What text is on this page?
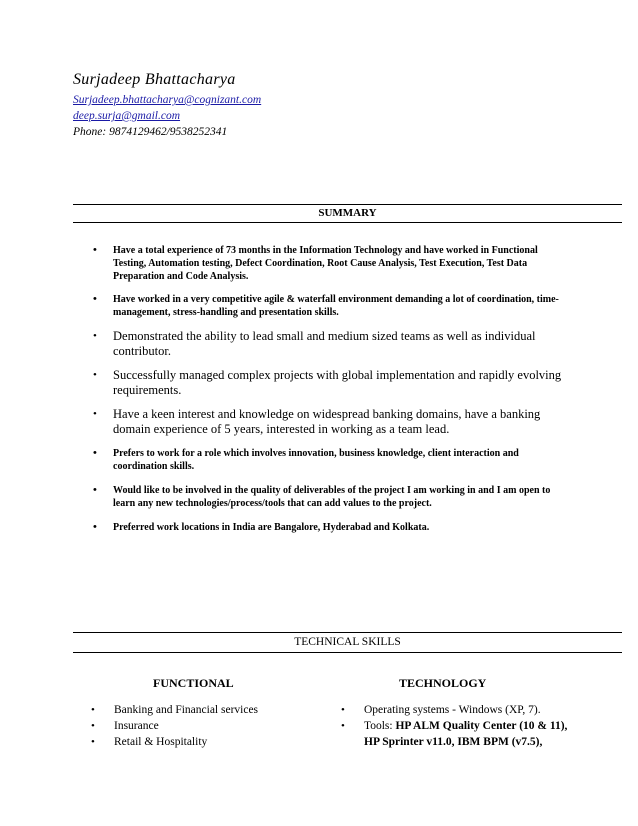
Surjadeep Bhattacharya
Surjadeep.bhattacharya@cognizant.com
deep.surja@gmail.com
Phone: 9874129462/9538252341
SUMMARY
• Have a total experience of 73 months in the Information Technology and have worked in Functional Testing, Automation testing, Defect Coordination, Root Cause Analysis, Test Execution, Test Data Preparation and Code Analysis.
• Have worked in a very competitive agile & waterfall environment demanding a lot of coordination, time-management, stress-handling and presentation skills.
• Demonstrated the ability to lead small and medium sized teams as well as individual contributor.
• Successfully managed complex projects with global implementation and rapidly evolving requirements.
• Have a keen interest and knowledge on widespread banking domains, have a banking domain experience of 5 years, interested in working as a team lead.
• Prefers to work for a role which involves innovation, business knowledge, client interaction and coordination skills.
• Would like to be involved in the quality of deliverables of the project I am working in and I am open to learn any new technologies/process/tools that can add values to the project.
• Preferred work locations in India are Bangalore, Hyderabad and Kolkata.
TECHNICAL SKILLS
FUNCTIONAL	TECHNOLOGY
• Banking and Financial services
• Insurance
• Retail & Hospitality
• Operating systems - Windows (XP, 7).
• Tools: HP ALM Quality Center (10 & 11), HP Sprinter v11.0, IBM BPM (v7.5),
